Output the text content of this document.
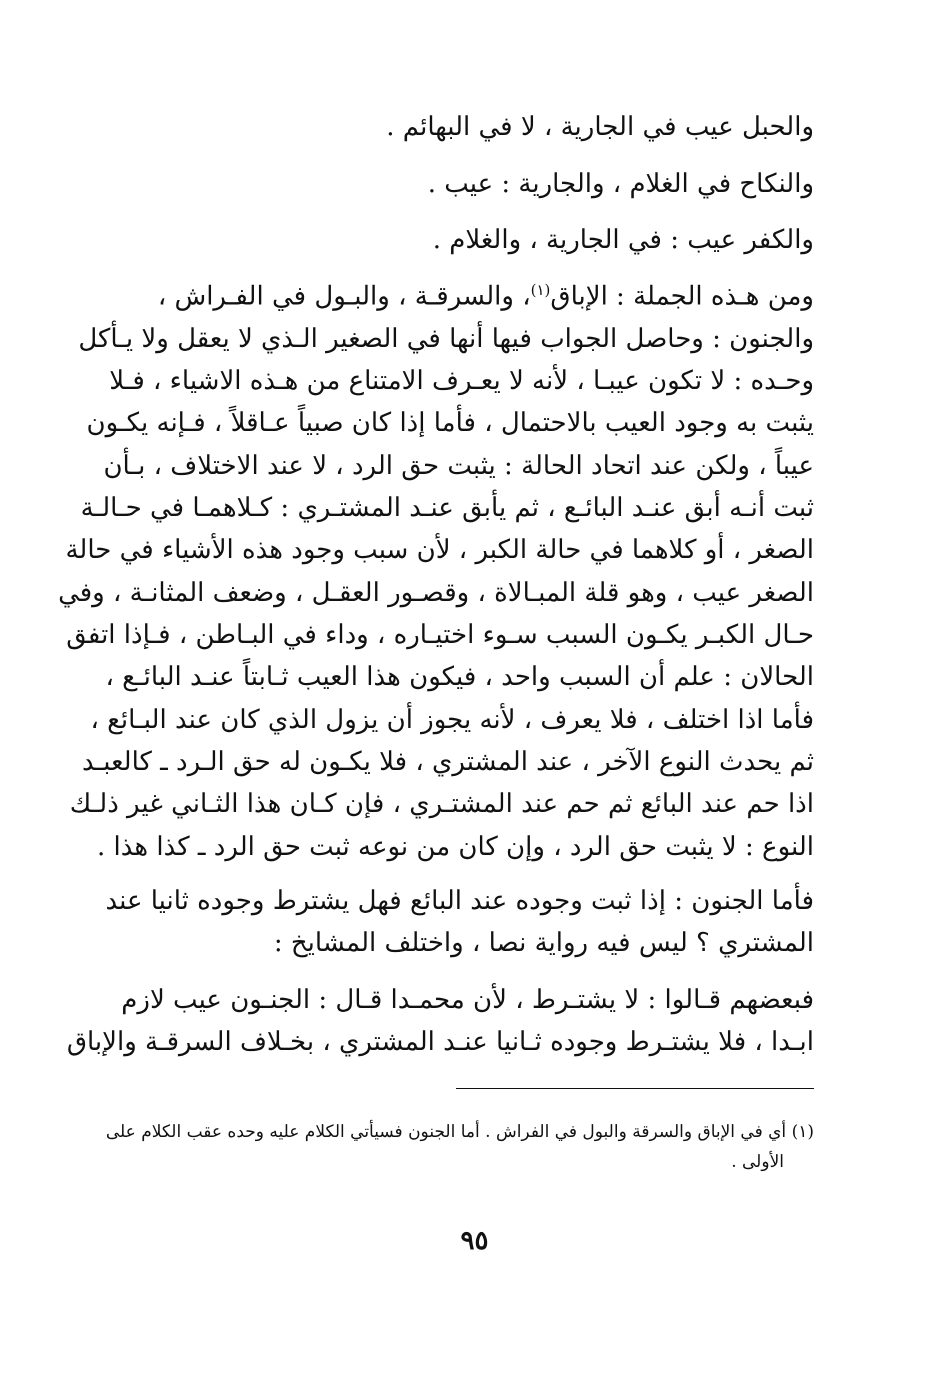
والحبل عيب في الجارية ، لا في البهائم .
والنكاح في الغلام ، والجارية : عيب .
والكفر عيب : في الجارية ، والغلام .
ومن هـذه الجملة : الإباق$^{(١)}$، والسرقـة ، والبـول في الفـراش ،
والجنون : وحاصل الجواب فيها أنها في الصغير الـذي لا يعقل ولا يـأكل
وحـده : لا تكون عيبـا ، لأنه لا يعـرف الامتناع من هـذه الاشياء ، فـلا
يثبت به وجود العيب بالاحتمال ، فأما إذا كان صبياً عـاقلاً ، فـإنه يكـون
عيباً ، ولكن عند اتحاد الحالة : يثبت حق الرد ، لا عند الاختلاف ، بـأن
ثبت أنـه أبق عنـد البائـع ، ثم يأبق عنـد المشتـري : كـلاهمـا في حـالـة
الصغر ، أو كلاهما في حالة الكبر ، لأن سبب وجود هذه الأشياء في حالة
الصغر عيب ، وهو قلة المبـالاة ، وقصـور العقـل ، وضعف المثانـة ، وفي
حـال الكبـر يكـون السبب سـوء اختيـاره ، وداء في البـاطن ، فـإذا اتفق
الحالان : علم أن السبب واحد ، فيكون هذا العيب ثـابتاً عنـد البائـع ،
فأما اذا اختلف ، فلا يعرف ، لأنه يجوز أن يزول الذي كان عند البـائع ،
ثم يحدث النوع الآخر ، عند المشتري ، فلا يكـون له حق الـرد ـ كالعبـد
اذا حم عند البائع ثم حم عند المشتـري ، فإن كـان هذا الثـاني غير ذلـك
النوع : لا يثبت حق الرد ، وإن كان من نوعه ثبت حق الرد ـ كذا هذا .
فأما الجنون : إذا ثبت وجوده عند البائع فهل يشترط وجوده ثانيا عند
المشتري ؟ ليس فيه رواية نصا ، واختلف المشايخ :
فبعضهم قـالوا : لا يشتـرط ، لأن محمـدا قـال : الجنـون عيب لازم
ابـدا ، فلا يشتـرط وجوده ثـانيا عنـد المشتري ، بخـلاف السرقـة والإباق
(١) أي في الإباق والسرقة والبول في الفراش . أما الجنون فسيأتي الكلام عليه وحده عقب الكلام على
الأولى .
٩٥
